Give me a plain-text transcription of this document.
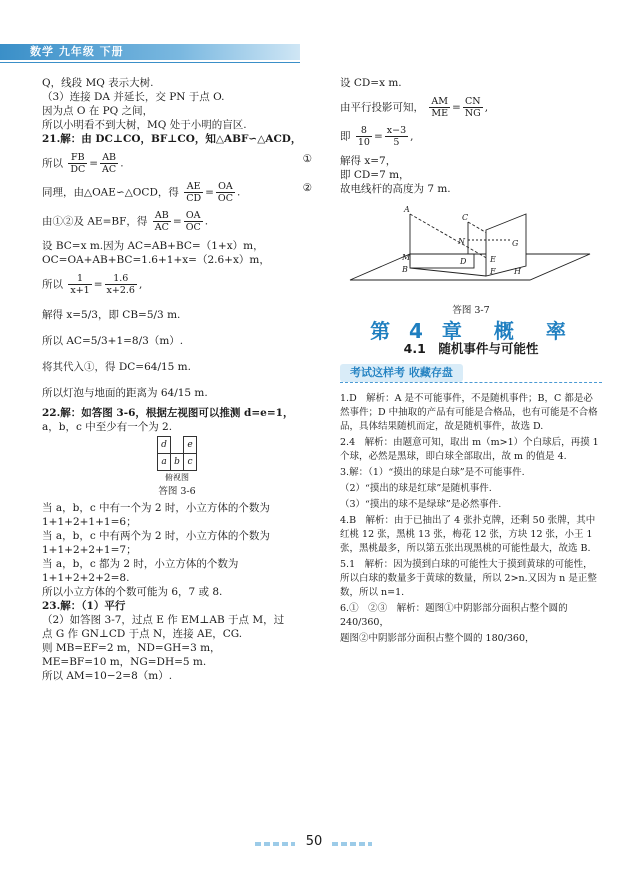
数学 九年级 下册

Q，线段 MQ 表示大树.

（3）连接 DA 并延长，交 PN 于点 O.

因为点 O 在 PQ 之间，

所以小明看不到大树，MQ 处于小明的盲区.

21.解：由 DC⊥CO，BF⊥CO，知△ABF∽△ACD，

所以 $\frac{FB}{DC} = \frac{AB}{AC}$ .	①

同理，由△OAE∽△OCD，得 $\frac{AE}{CD} = \frac{OA}{OC}$ .	②

由①②及 AE=BF，得 $\frac{AB}{AC} = \frac{OA}{OC}$ .

设 BC=x m.因为 AC=AB+BC=（1+x）m，

OC=OA+AB+BC=1.6+1+x=（2.6+x）m，

所以 $\frac{1}{x+1} = \frac{1.6}{x+2.6}$ ,

解得 x=5/3，即 CB=5/3 m.

所以 AC=5/3+1=8/3（m）.

将其代入①，得 DC=64/15 m.

所以灯泡与地面的距离为 64/15 m.

22.解：如答图 3-6，根据左视图可以推测 d=e=1，

a，b，c 中至少有一个为 2.

d		e
a	b	c
俯视图
答图 3-6

当 a，b，c 中有一个为 2 时，小立方体的个数为

1+1+2+1+1=6；

当 a，b，c 中有两个为 2 时，小立方体的个数为

1+1+2+2+1=7；

当 a，b，c 都为 2 时，小立方体的个数为

1+1+2+2+2=8.

所以小立方体的个数可能为 6，7 或 8.

23.解：（1）平行

（2）如答图 3-7，过点 E 作 EM⊥AB 于点 M，过

点 G 作 GN⊥CD 于点 N，连接 AE，CG.

则 MB=EF=2 m，ND=GH=3 m，

ME=BF=10 m，NG=DH=5 m.

所以 AM=10−2=8（m）.

设 CD=x m.

由平行投影可知， $\frac{AM}{ME} = \frac{CN}{NG}$ ,

即 $\frac{8}{10} = \frac{x-3}{5}$ ,

解得 x=7，

即 CD=7 m，

故电线杆的高度为 7 m.

A
C
N	G
M	D	E
B	F H
答图 3-7
第 4 章　概　率
4.1　随机事件与可能性
考试这样考 收藏存盘

1.D　解析：A 是不可能事件，不是随机事件；B，C 都是必然事件；D 中抽取的产品有可能是合格品，也有可能是不合格品，具体结果随机而定，故是随机事件，故选 D.

2.4　解析：由题意可知，取出 m（m>1）个白球后，再摸 1 个球，必然是黑球，即白球全部取出，故 m 的值是 4.

3.解：（1）“摸出的球是白球”是不可能事件.

（2）“摸出的球是红球”是随机事件.

（3）“摸出的球不是绿球”是必然事件.

4.B　解析：由于已抽出了 4 张扑克牌，还剩 50 张牌，其中红桃 12 张，黑桃 13 张，梅花 12 张，方块 12 张，小王 1 张，黑桃最多，所以第五张出现黑桃的可能性最大，故选 B.

5.1　解析：因为摸到白球的可能性大于摸到黄球的可能性，所以白球的数量多于黄球的数量，所以 2>n.又因为 n 是正整数，所以 n=1.

6.①　②③　解析：题图①中阴影部分面积占整个圆的 240/360，

题图②中阴影部分面积占整个圆的 180/360，

50
